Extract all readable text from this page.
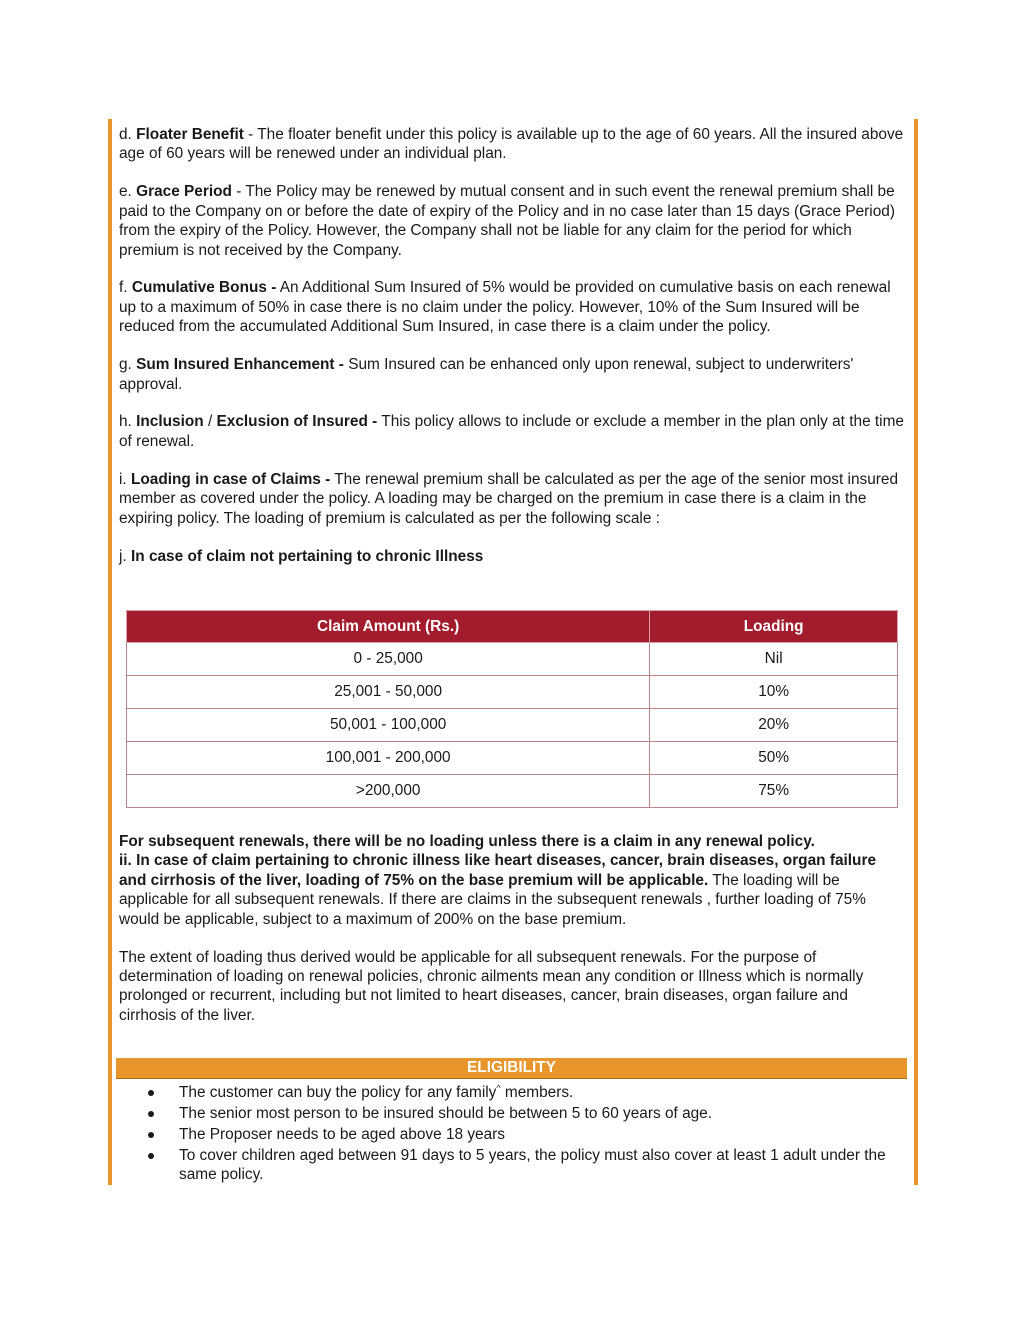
d. Floater Benefit - The floater benefit under this policy is available up to the age of 60 years. All the insured above age of 60 years will be renewed under an individual plan.

e. Grace Period - The Policy may be renewed by mutual consent and in such event the renewal premium shall be paid to the Company on or before the date of expiry of the Policy and in no case later than 15 days (Grace Period) from the expiry of the Policy. However, the Company shall not be liable for any claim for the period for which premium is not received by the Company.

f. Cumulative Bonus - An Additional Sum Insured of 5% would be provided on cumulative basis on each renewal up to a maximum of 50% in case there is no claim under the policy. However, 10% of the Sum Insured will be reduced from the accumulated Additional Sum Insured, in case there is a claim under the policy.

g. Sum Insured Enhancement - Sum Insured can be enhanced only upon renewal, subject to underwriters' approval.

h. Inclusion / Exclusion of Insured - This policy allows to include or exclude a member in the plan only at the time of renewal.

i. Loading in case of Claims - The renewal premium shall be calculated as per the age of the senior most insured member as covered under the policy. A loading may be charged on the premium in case there is a claim in the expiring policy. The loading of premium is calculated as per the following scale :

j. In case of claim not pertaining to chronic Illness

Claim Amount (Rs.)	Loading
0 - 25,000	Nil
25,001 - 50,000	10%
50,001 - 100,000	20%
100,001 - 200,000	50%
>200,000	75%

For subsequent renewals, there will be no loading unless there is a claim in any renewal policy.
ii. In case of claim pertaining to chronic illness like heart diseases, cancer, brain diseases, organ failure and cirrhosis of the liver, loading of 75% on the base premium will be applicable. The loading will be applicable for all subsequent renewals. If there are claims in the subsequent renewals , further loading of 75% would be applicable, subject to a maximum of 200% on the base premium.

The extent of loading thus derived would be applicable for all subsequent renewals. For the purpose of determination of loading on renewal policies, chronic ailments mean any condition or Illness which is normally prolonged or recurrent, including but not limited to heart diseases, cancer, brain diseases, organ failure and cirrhosis of the liver.

ELIGIBILITY
The customer can buy the policy for any family^ members.
The senior most person to be insured should be between 5 to 60 years of age.
The Proposer needs to be aged above 18 years
To cover children aged between 91 days to 5 years, the policy must also cover at least 1 adult under the same policy.
